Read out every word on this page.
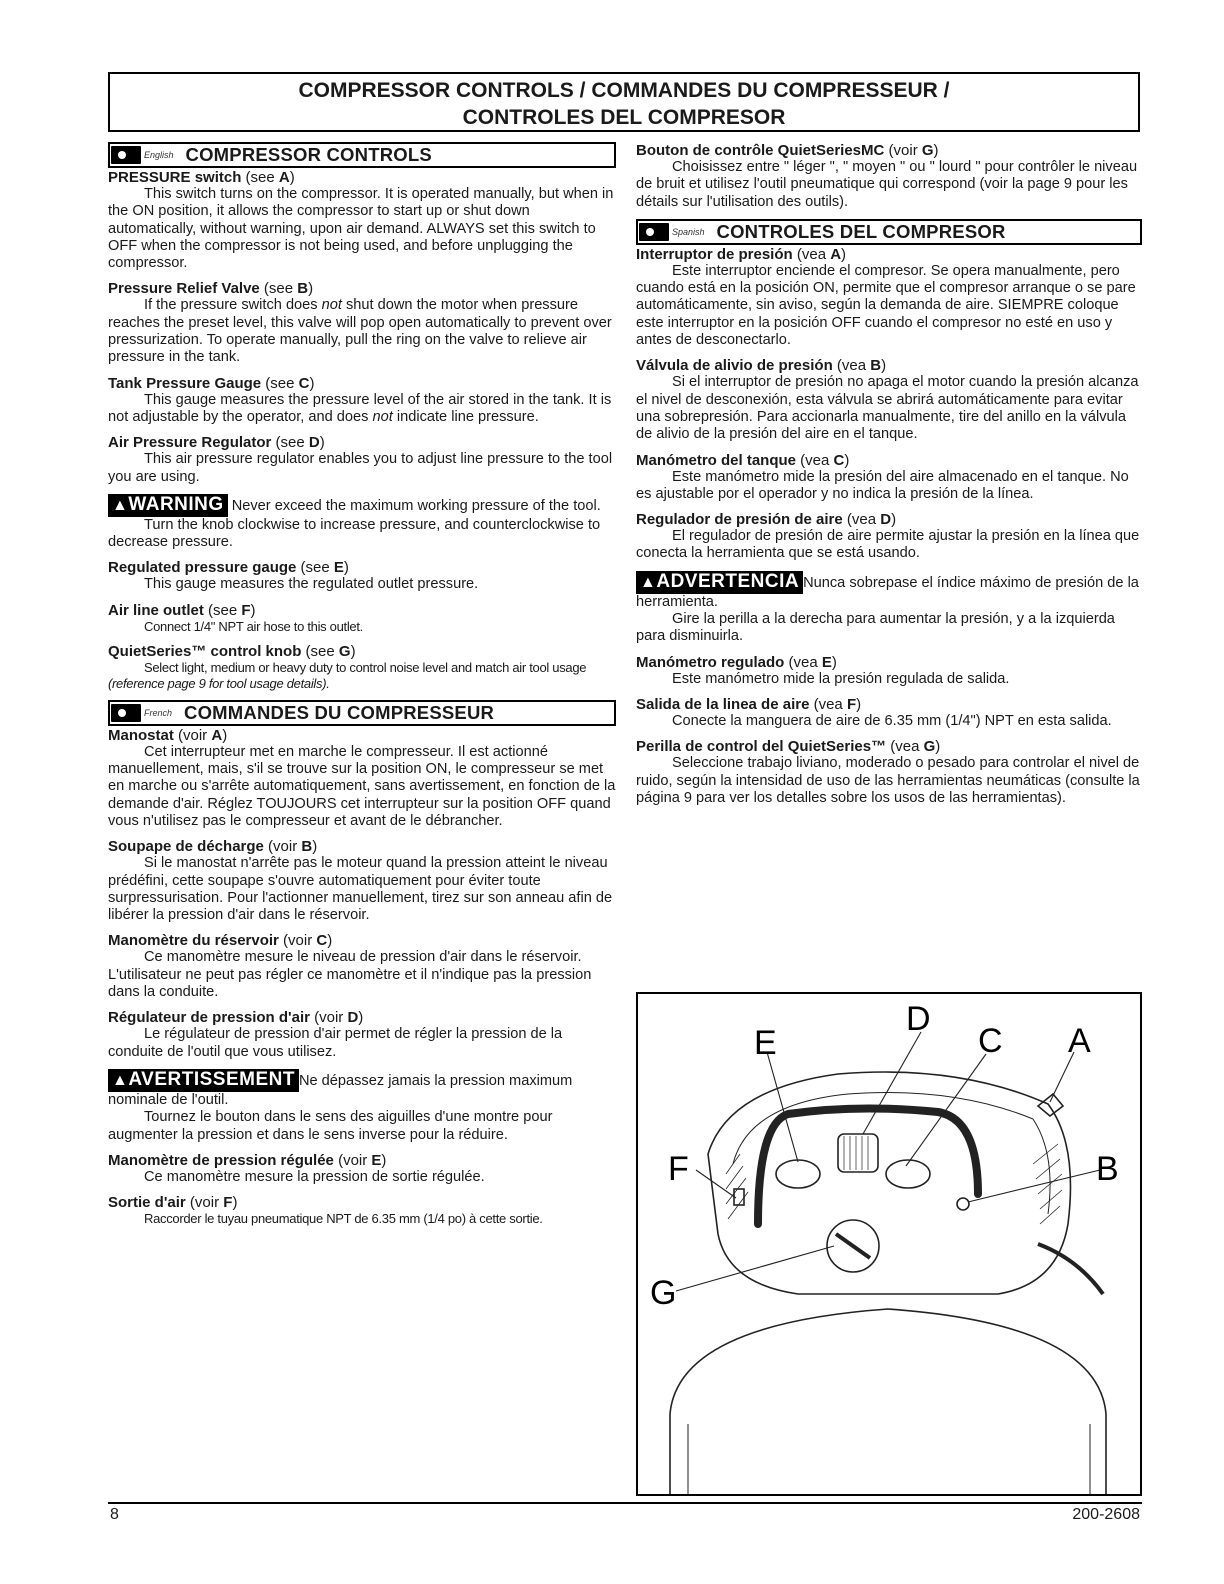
COMPRESSOR CONTROLS / COMMANDES DU COMPRESSEUR /
CONTROLES DEL COMPRESOR
English COMPRESSOR CONTROLS
PRESSURE switch (see A)
This switch turns on the compressor. It is operated manually, but when in the ON position, it allows the compressor to start up or shut down automatically, without warning, upon air demand. ALWAYS set this switch to OFF when the compressor is not being used, and before unplugging the compressor.
Pressure Relief Valve (see B)
If the pressure switch does not shut down the motor when pressure reaches the preset level, this valve will pop open automatically to prevent over pressurization. To operate manually, pull the ring on the valve to relieve air pressure in the tank.
Tank Pressure Gauge (see C)
This gauge measures the pressure level of the air stored in the tank. It is not adjustable by the operator, and does not indicate line pressure.
Air Pressure Regulator (see D)
This air pressure regulator enables you to adjust line pressure to the tool you are using.
▲WARNING Never exceed the maximum working pressure of the tool.
Turn the knob clockwise to increase pressure, and counterclockwise to decrease pressure.
Regulated pressure gauge (see E)
This gauge measures the regulated outlet pressure.
Air line outlet (see F)
Connect 1/4" NPT air hose to this outlet.
QuietSeries™ control knob (see G)
Select light, medium or heavy duty to control noise level and match air tool usage (reference page 9 for tool usage details).
French COMMANDES DU COMPRESSEUR
Manostat (voir A)
Cet interrupteur met en marche le compresseur. Il est actionné manuellement, mais, s'il se trouve sur la position ON, le compresseur se met en marche ou s'arrête automatiquement, sans avertissement, en fonction de la demande d'air. Réglez TOUJOURS cet interrupteur sur la position OFF quand vous n'utilisez pas le compresseur et avant de le débrancher.
Soupape de décharge (voir B)
Si le manostat n'arrête pas le moteur quand la pression atteint le niveau prédéfini, cette soupape s'ouvre automatiquement pour éviter toute surpressurisation. Pour l'actionner manuellement, tirez sur son anneau afin de libérer la pression d'air dans le réservoir.
Manomètre du réservoir (voir C)
Ce manomètre mesure le niveau de pression d'air dans le réservoir. L'utilisateur ne peut pas régler ce manomètre et il n'indique pas la pression dans la conduite.
Régulateur de pression d'air (voir D)
Le régulateur de pression d'air permet de régler la pression de la conduite de l'outil que vous utilisez.
▲AVERTISSEMENT Ne dépassez jamais la pression maximum nominale de l'outil.
Tournez le bouton dans le sens des aiguilles d'une montre pour augmenter la pression et dans le sens inverse pour la réduire.
Manomètre de pression régulée (voir E)
Ce manomètre mesure la pression de sortie régulée.
Sortie d'air (voir F)
Raccorder le tuyau pneumatique NPT de 6.35 mm (1/4 po) à cette sortie.
Bouton de contrôle QuietSeriesMC (voir G)
Choisissez entre " léger ", " moyen " ou " lourd " pour contrôler le niveau de bruit et utilisez l'outil pneumatique qui correspond (voir la page 9 pour les détails sur l'utilisation des outils).
Spanish CONTROLES DEL COMPRESOR
Interruptor de presión (vea A)
Este interruptor enciende el compresor. Se opera manualmente, pero cuando está en la posición ON, permite que el compresor arranque o se pare automáticamente, sin aviso, según la demanda de aire. SIEMPRE coloque este interruptor en la posición OFF cuando el compresor no esté en uso y antes de desconectarlo.
Válvula de alivio de presión (vea B)
Si el interruptor de presión no apaga el motor cuando la presión alcanza el nivel de desconexión, esta válvula se abrirá automáticamente para evitar una sobrepresión. Para accionarla manualmente, tire del anillo en la válvula de alivio de la presión del aire en el tanque.
Manómetro del tanque (vea C)
Este manómetro mide la presión del aire almacenado en el tanque. No es ajustable por el operador y no indica la presión de la línea.
Regulador de presión de aire (vea D)
El regulador de presión de aire permite ajustar la presión en la línea que conecta la herramienta que se está usando.
▲ADVERTENCIA Nunca sobrepase el índice máximo de presión de la herramienta.
Gire la perilla a la derecha para aumentar la presión, y a la izquierda para disminuirla.
Manómetro regulado (vea E)
Este manómetro mide la presión regulada de salida.
Salida de la linea de aire (vea F)
Conecte la manguera de aire de 6.35 mm (1/4") NPT en esta salida.
Perilla de control del QuietSeries™ (vea G)
Seleccione trabajo liviano, moderado o pesado para controlar el nivel de ruido, según la intensidad de uso de las herramientas neumáticas (consulte la página 9 para ver los detalles sobre los usos de las herramientas).
D
E	C A
F	B
G
8	200-2608
